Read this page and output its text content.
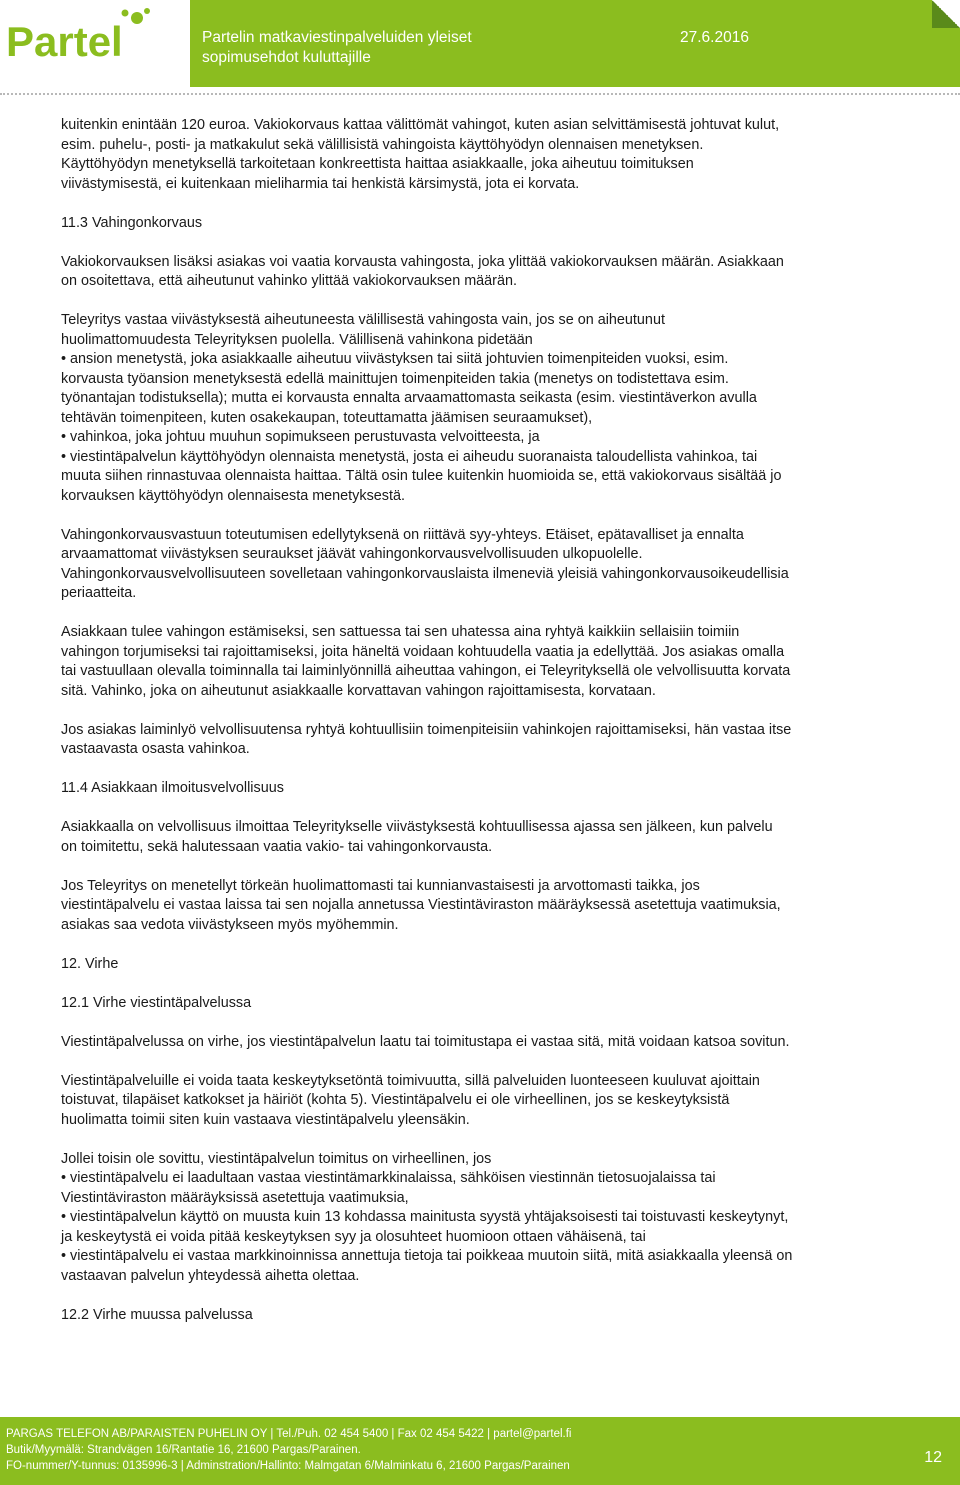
Partel	Partelin matkaviestinpalveluiden yleiset sopimusehdot kuluttajille
27.6.2016

kuitenkin enintään 120 euroa. Vakiokorvaus kattaa välittömät vahingot, kuten asian selvittämisestä johtuvat kulut,
esim. puhelu-, posti- ja matkakulut sekä välillisistä vahingoista käyttöhyödyn olennaisen menetyksen.
Käyttöhyödyn menetyksellä tarkoitetaan konkreettista haittaa asiakkaalle, joka aiheutuu toimituksen
viivästymisestä, ei kuitenkaan mieliharmia tai henkistä kärsimystä, jota ei korvata.

11.3 Vahingonkorvaus

Vakiokorvauksen lisäksi asiakas voi vaatia korvausta vahingosta, joka ylittää vakiokorvauksen määrän. Asiakkaan
on osoitettava, että aiheutunut vahinko ylittää vakiokorvauksen määrän.

Teleyritys vastaa viivästyksestä aiheutuneesta välillisestä vahingosta vain, jos se on aiheutunut
huolimattomuudesta Teleyrityksen puolella. Välillisenä vahinkona pidetään
• ansion menetystä, joka asiakkaalle aiheutuu viivästyksen tai siitä johtuvien toimenpiteiden vuoksi, esim.
korvausta työansion menetyksestä edellä mainittujen toimenpiteiden takia (menetys on todistettava esim.
työnantajan todistuksella); mutta ei korvausta ennalta arvaamattomasta seikasta (esim. viestintäverkon avulla
tehtävän toimenpiteen, kuten osakekaupan, toteuttamatta jäämisen seuraamukset),
• vahinkoa, joka johtuu muuhun sopimukseen perustuvasta velvoitteesta, ja
• viestintäpalvelun käyttöhyödyn olennaista menetystä, josta ei aiheudu suoranaista taloudellista vahinkoa, tai
muuta siihen rinnastuvaa olennaista haittaa. Tältä osin tulee kuitenkin huomioida se, että vakiokorvaus sisältää jo
korvauksen käyttöhyödyn olennaisesta menetyksestä.

Vahingonkorvausvastuun toteutumisen edellytyksenä on riittävä syy-yhteys. Etäiset, epätavalliset ja ennalta
arvaamattomat viivästyksen seuraukset jäävät vahingonkorvausvelvollisuuden ulkopuolelle.
Vahingonkorvausvelvollisuuteen sovelletaan vahingonkorvauslaista ilmeneviä yleisiä vahingonkorvausoikeudellisia
periaatteita.

Asiakkaan tulee vahingon estämiseksi, sen sattuessa tai sen uhatessa aina ryhtyä kaikkiin sellaisiin toimiin
vahingon torjumiseksi tai rajoittamiseksi, joita häneltä voidaan kohtuudella vaatia ja edellyttää. Jos asiakas omalla
tai vastuullaan olevalla toiminnalla tai laiminlyönnillä aiheuttaa vahingon, ei Teleyrityksellä ole velvollisuutta korvata
sitä. Vahinko, joka on aiheutunut asiakkaalle korvattavan vahingon rajoittamisesta, korvataan.

Jos asiakas laiminlyö velvollisuutensa ryhtyä kohtuullisiin toimenpiteisiin vahinkojen rajoittamiseksi, hän vastaa itse
vastaavasta osasta vahinkoa.

11.4 Asiakkaan ilmoitusvelvollisuus

Asiakkaalla on velvollisuus ilmoittaa Teleyritykselle viivästyksestä kohtuullisessa ajassa sen jälkeen, kun palvelu
on toimitettu, sekä halutessaan vaatia vakio- tai vahingonkorvausta.

Jos Teleyritys on menetellyt törkeän huolimattomasti tai kunnianvastaisesti ja arvottomasti taikka, jos
viestintäpalvelu ei vastaa laissa tai sen nojalla annetussa Viestintäviraston määräyksessä asetettuja vaatimuksia,
asiakas saa vedota viivästykseen myös myöhemmin.

12. Virhe

12.1 Virhe viestintäpalvelussa

Viestintäpalvelussa on virhe, jos viestintäpalvelun laatu tai toimitustapa ei vastaa sitä, mitä voidaan katsoa sovitun.

Viestintäpalveluille ei voida taata keskeytyksetöntä toimivuutta, sillä palveluiden luonteeseen kuuluvat ajoittain
toistuvat, tilapäiset katkokset ja häiriöt (kohta 5). Viestintäpalvelu ei ole virheellinen, jos se keskeytyksistä
huolimatta toimii siten kuin vastaava viestintäpalvelu yleensäkin.

Jollei toisin ole sovittu, viestintäpalvelun toimitus on virheellinen, jos
• viestintäpalvelu ei laadultaan vastaa viestintämarkkinalaissa, sähköisen viestinnän tietosuojalaissa tai
Viestintäviraston määräyksissä asetettuja vaatimuksia,
• viestintäpalvelun käyttö on muusta kuin 13 kohdassa mainitusta syystä yhtäjaksoisesti tai toistuvasti keskeytynyt,
ja keskeytystä ei voida pitää keskeytyksen syy ja olosuhteet huomioon ottaen vähäisenä, tai
• viestintäpalvelu ei vastaa markkinoinnissa annettuja tietoja tai poikkeaa muutoin siitä, mitä asiakkaalla yleensä on
vastaavan palvelun yhteydessä aihetta olettaa.

12.2 Virhe muussa palvelussa

PARGAS TELEFON AB/PARAISTEN PUHELIN OY | Tel./Puh. 02 454 5400 | Fax 02 454 5422 | partel@partel.fi
Butik/Myymälä: Strandvägen 16/Rantatie 16, 21600 Pargas/Parainen.
FO-nummer/Y-tunnus: 0135996-3 | Adminstration/Hallinto: Malmgatan 6/Malminkatu 6, 21600 Pargas/Parainen	12
